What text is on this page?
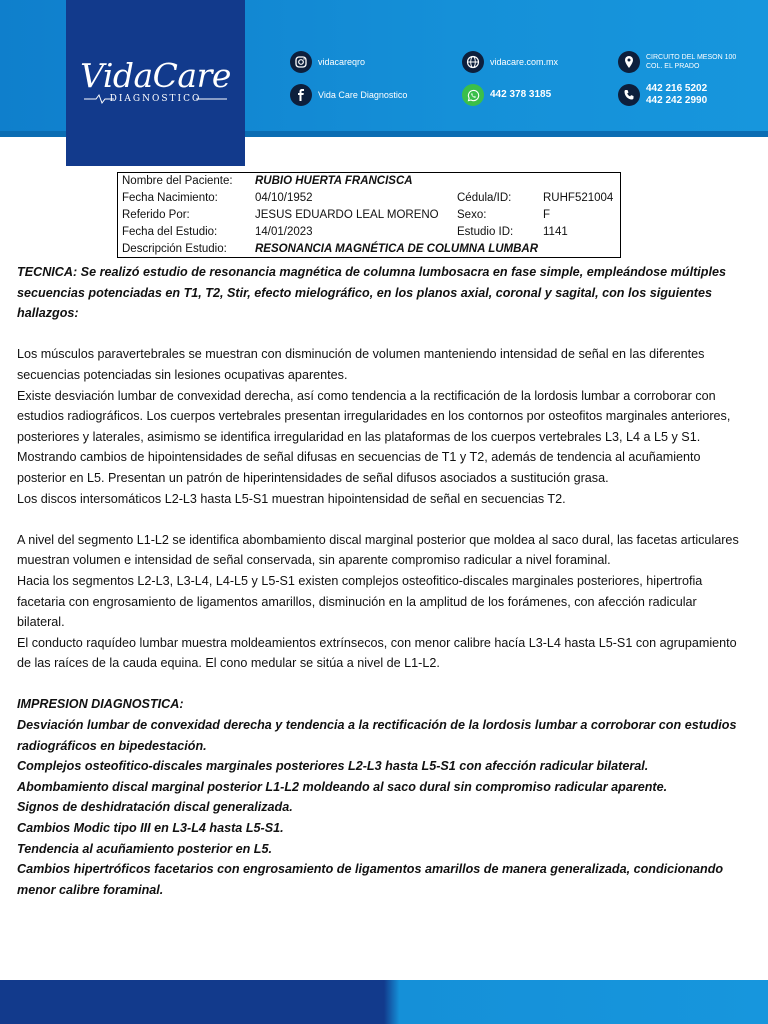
VidaCare
DIAGNOSTICO
vidacareqro
Vida Care Diagnostico
vidacare.com.mx
442 378 3185
CIRCUITO DEL MESON 100
COL. EL PRADO
442 216 5202
442 242 2990
Nombre del Paciente: RUBIO HUERTA FRANCISCA
Fecha Nacimiento:	04/10/1952	Cédula/ID:	RUHF521004
Referido Por:	JESUS EDUARDO LEAL MORENO Sexo:	F
Fecha del Estudio:	14/01/2023	Estudio ID:	1141
Descripción Estudio: RESONANCIA MAGNÉTICA DE COLUMNA LUMBAR

TECNICA: Se realizó estudio de resonancia magnética de columna lumbosacra en fase simple, empleándose múltiples secuencias potenciadas en T1, T2, Stir, efecto mielográfico, en los planos axial, coronal y sagital, con los siguientes hallazgos:

Los músculos paravertebrales se muestran con disminución de volumen manteniendo intensidad de señal en las diferentes secuencias potenciadas sin lesiones ocupativas aparentes.

Existe desviación lumbar de convexidad derecha, así como tendencia a la rectificación de la lordosis lumbar a corroborar con estudios radiográficos. Los cuerpos vertebrales presentan irregularidades en los contornos por osteofitos marginales anteriores, posteriores y laterales, asimismo se identifica irregularidad en las plataformas de los cuerpos vertebrales L3, L4 a L5 y S1. Mostrando cambios de hipointensidades de señal difusas en secuencias de T1 y T2, además de tendencia al acuñamiento posterior en L5. Presentan un patrón de hiperintensidades de señal difusos asociados a sustitución grasa.

Los discos intersomáticos L2-L3 hasta L5-S1 muestran hipointensidad de señal en secuencias T2.

A nivel del segmento L1-L2 se identifica abombamiento discal marginal posterior que moldea al saco dural, las facetas articulares muestran volumen e intensidad de señal conservada, sin aparente compromiso radicular a nivel foraminal.

Hacia los segmentos L2-L3, L3-L4, L4-L5 y L5-S1 existen complejos osteofitico-discales marginales posteriores, hipertrofia facetaria con engrosamiento de ligamentos amarillos, disminución en la amplitud de los forámenes, con afección radicular bilateral.

El conducto raquídeo lumbar muestra moldeamientos extrínsecos, con menor calibre hacía L3-L4 hasta L5-S1 con agrupamiento de las raíces de la cauda equina. El cono medular se sitúa a nivel de L1-L2.

IMPRESION DIAGNOSTICA:

Desviación lumbar de convexidad derecha y tendencia a la rectificación de la lordosis lumbar a corroborar con estudios radiográficos en bipedestación.

Complejos osteofitico-discales marginales posteriores L2-L3 hasta L5-S1 con afección radicular bilateral.

Abombamiento discal marginal posterior L1-L2 moldeando al saco dural sin compromiso radicular aparente.

Signos de deshidratación discal generalizada.

Cambios Modic tipo III en L3-L4 hasta L5-S1.

Tendencia al acuñamiento posterior en L5.

Cambios hipertróficos facetarios con engrosamiento de ligamentos amarillos de manera generalizada, condicionando menor calibre foraminal.
